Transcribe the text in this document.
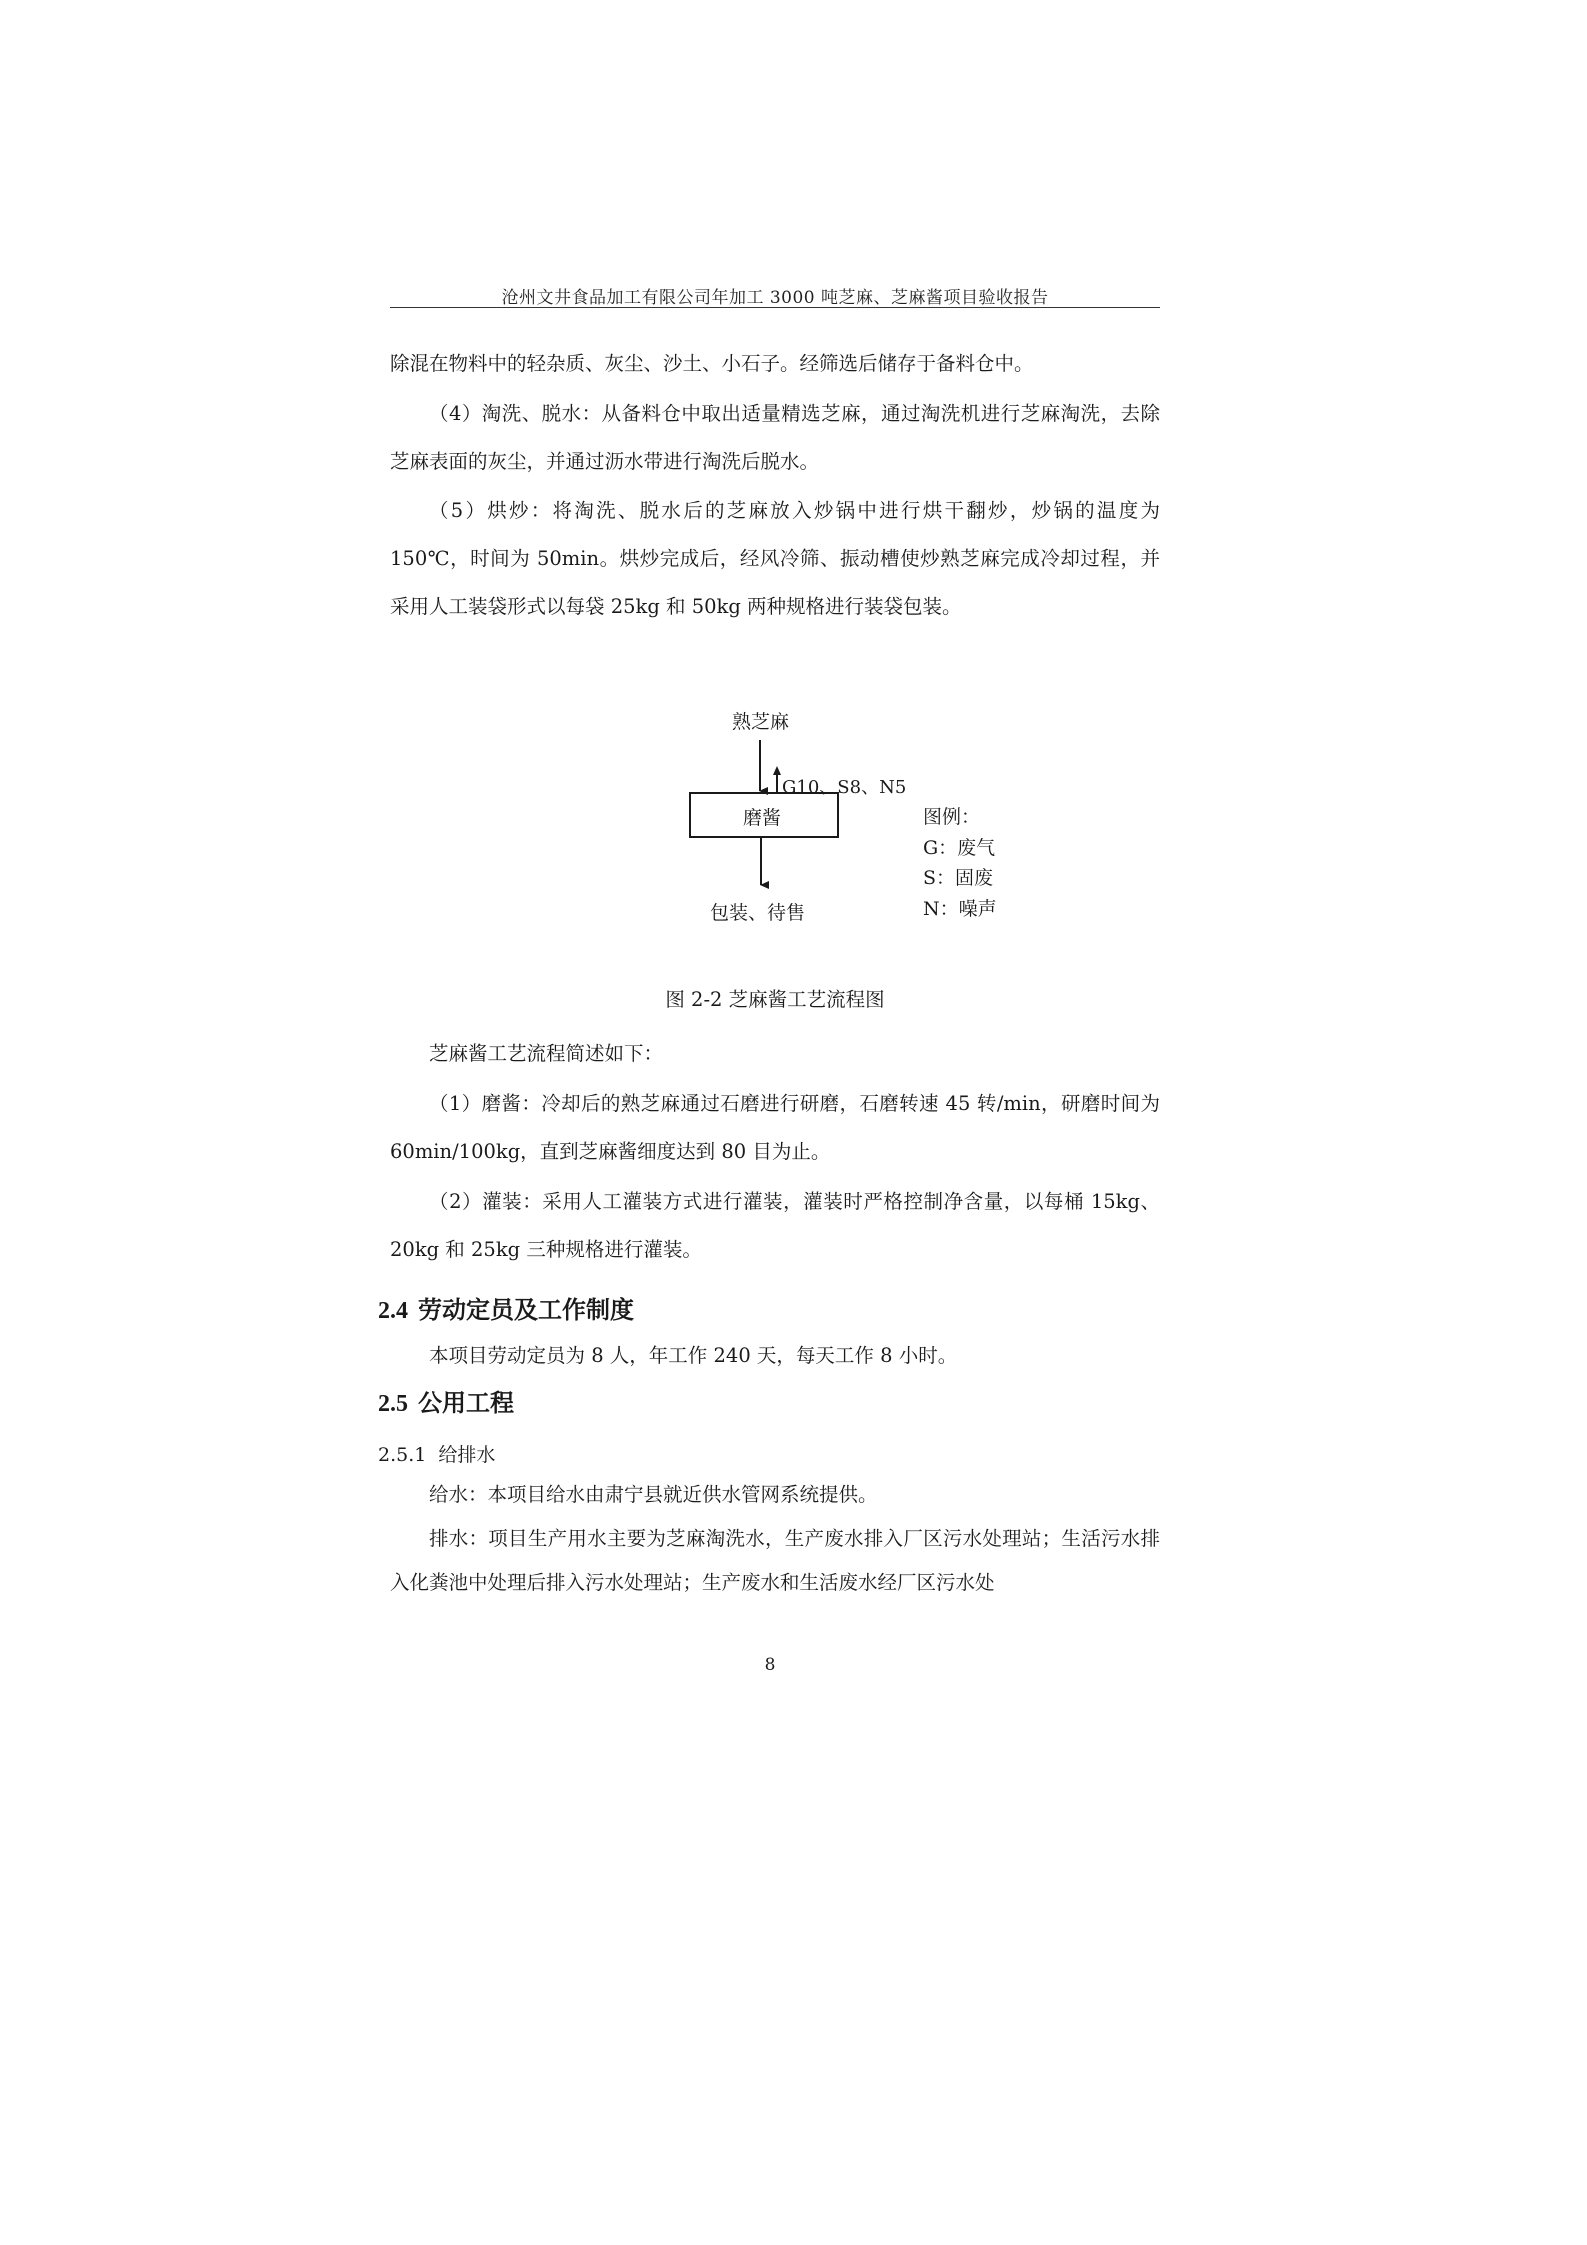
沧州文井食品加工有限公司年加工 3000 吨芝麻、芝麻酱项目验收报告
除混在物料中的轻杂质、灰尘、沙土、小石子。经筛选后储存于备料仓中。
（4）淘洗、脱水：从备料仓中取出适量精选芝麻，通过淘洗机进行芝麻淘洗，去除芝麻表面的灰尘，并通过沥水带进行淘洗后脱水。
（5）烘炒：将淘洗、脱水后的芝麻放入炒锅中进行烘干翻炒，炒锅的温度为 150℃，时间为 50min。烘炒完成后，经风冷筛、振动槽使炒熟芝麻完成冷却过程，并采用人工装袋形式以每袋 25kg 和 50kg 两种规格进行装袋包装。
熟芝麻
G10、S8、N5
磨酱
包装、待售
图例：
G：废气
S：固废
N：噪声
图 2-2 芝麻酱工艺流程图
芝麻酱工艺流程简述如下：
（1）磨酱：冷却后的熟芝麻通过石磨进行研磨，石磨转速 45 转/min，研磨时间为 60min/100kg，直到芝麻酱细度达到 80 目为止。
（2）灌装：采用人工灌装方式进行灌装，灌装时严格控制净含量，以每桶 15kg、20kg 和 25kg 三种规格进行灌装。
2.4 劳动定员及工作制度
本项目劳动定员为 8 人，年工作 240 天，每天工作 8 小时。
2.5 公用工程
2.5.1 给排水
给水：本项目给水由肃宁县就近供水管网系统提供。
排水：项目生产用水主要为芝麻淘洗水，生产废水排入厂区污水处理站；生活污水排入化粪池中处理后排入污水处理站；生产废水和生活废水经厂区污水处
8
